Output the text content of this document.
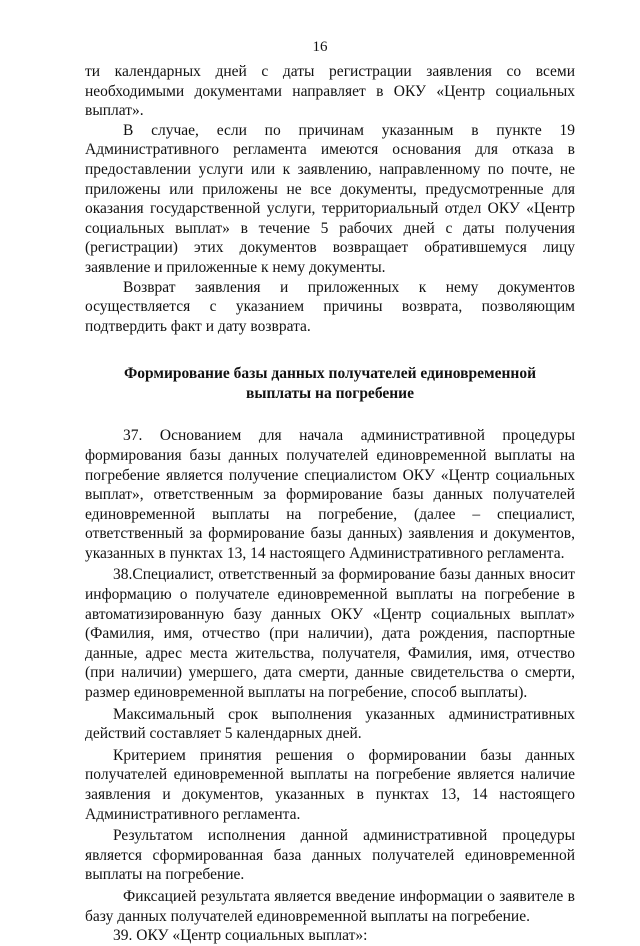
16

ти календарных дней с даты регистрации заявления со всеми необходимыми документами направляет в ОКУ «Центр социальных выплат».

В случае, если по причинам указанным в пункте 19 Административного регламента имеются основания для отказа в предоставлении услуги или к заявлению, направленному по почте, не приложены или приложены не все документы, предусмотренные для оказания государственной услуги, территориальный отдел ОКУ «Центр социальных выплат» в течение 5 рабочих дней с даты получения (регистрации) этих документов возвращает обратившемуся лицу заявление и приложенные к нему документы.

Возврат заявления и приложенных к нему документов осуществляется с указанием причины возврата, позволяющим подтвердить факт и дату возврата.

Формирование базы данных получателей единовременной
выплаты на погребение

37. Основанием для начала административной процедуры формирования базы данных получателей единовременной выплаты на погребение является получение специалистом ОКУ «Центр социальных выплат», ответственным за формирование базы данных получателей единовременной выплаты на погребение, (далее – специалист, ответственный за формирование базы данных) заявления и документов, указанных в пунктах 13, 14 настоящего Административного регламента.

38.Специалист, ответственный за формирование базы данных вносит информацию о получателе единовременной выплаты на погребение в автоматизированную базу данных ОКУ «Центр социальных выплат» (Фамилия, имя, отчество (при наличии), дата рождения, паспортные данные, адрес места жительства, получателя, Фамилия, имя, отчество (при наличии) умершего, дата смерти, данные свидетельства о смерти, размер единовременной выплаты на погребение, способ выплаты).

Максимальный срок выполнения указанных административных действий составляет 5 календарных дней.

Критерием принятия решения о формировании базы данных получателей единовременной выплаты на погребение является наличие заявления и документов, указанных в пунктах 13, 14 настоящего Административного регламента.

Результатом исполнения данной административной процедуры является сформированная база данных получателей единовременной выплаты на погребение.

Фиксацией результата является введение информации о заявителе в базу данных получателей единовременной выплаты на погребение.

39. ОКУ «Центр социальных выплат»:
